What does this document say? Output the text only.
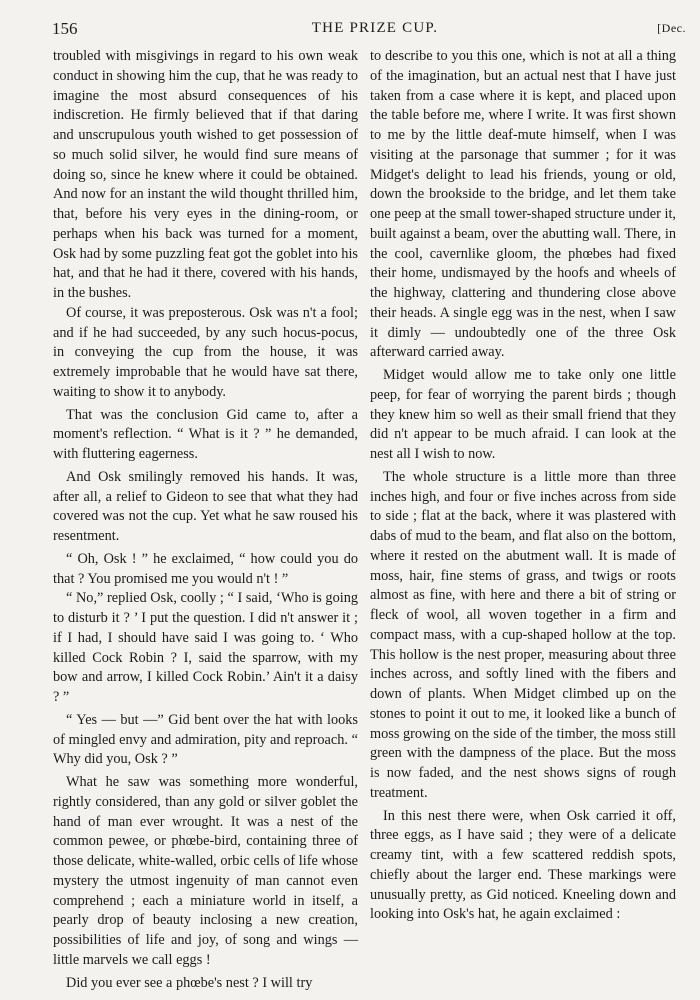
156	THE PRIZE CUP.	[Dec.

troubled with misgivings in regard to his own weak conduct in showing him the cup, that he was ready to imagine the most absurd consequences of his indiscretion. He firmly believed that if that daring and unscrupulous youth wished to get possession of so much solid silver, he would find sure means of doing so, since he knew where it could be obtained. And now for an instant the wild thought thrilled him, that, before his very eyes in the dining-room, or perhaps when his back was turned for a moment, Osk had by some puzzling feat got the goblet into his hat, and that he had it there, covered with his hands, in the bushes.

Of course, it was preposterous. Osk was n't a fool; and if he had succeeded, by any such hocus-pocus, in conveying the cup from the house, it was extremely improbable that he would have sat there, waiting to show it to anybody.

That was the conclusion Gid came to, after a moment's reflection. “ What is it ? ” he demanded, with fluttering eagerness.

And Osk smilingly removed his hands. It was, after all, a relief to Gideon to see that what they had covered was not the cup. Yet what he saw roused his resentment.

“ Oh, Osk ! ” he exclaimed, “ how could you do that ? You promised me you would n't ! ”

“ No,” replied Osk, coolly ; “ I said, ‘Who is going to disturb it ? ’ I put the question. I did n't answer it ; if I had, I should have said I was going to. ‘ Who killed Cock Robin ? I, said the sparrow, with my bow and arrow, I killed Cock Robin.’ Ain't it a daisy ? ”

“ Yes — but —” Gid bent over the hat with looks of mingled envy and admiration, pity and reproach. “ Why did you, Osk ? ”

What he saw was something more wonderful, rightly considered, than any gold or silver goblet the hand of man ever wrought. It was a nest of the common pewee, or phœbe-bird, containing three of those delicate, white-walled, orbic cells of life whose mystery the utmost ingenuity of man cannot even comprehend ; each a miniature world in itself, a pearly drop of beauty inclosing a new creation, possibilities of life and joy, of song and wings — little marvels we call eggs !

Did you ever see a phœbe's nest ? I will try

to describe to you this one, which is not at all a thing of the imagination, but an actual nest that I have just taken from a case where it is kept, and placed upon the table before me, where I write. It was first shown to me by the little deaf-mute himself, when I was visiting at the parsonage that summer ; for it was Midget's delight to lead his friends, young or old, down the brookside to the bridge, and let them take one peep at the small tower-shaped structure under it, built against a beam, over the abutting wall. There, in the cool, cavernlike gloom, the phœbes had fixed their home, undismayed by the hoofs and wheels of the highway, clattering and thundering close above their heads. A single egg was in the nest, when I saw it dimly — undoubtedly one of the three Osk afterward carried away.

Midget would allow me to take only one little peep, for fear of worrying the parent birds ; though they knew him so well as their small friend that they did n't appear to be much afraid. I can look at the nest all I wish to now.

The whole structure is a little more than three inches high, and four or five inches across from side to side ; flat at the back, where it was plastered with dabs of mud to the beam, and flat also on the bottom, where it rested on the abutment wall. It is made of moss, hair, fine stems of grass, and twigs or roots almost as fine, with here and there a bit of string or fleck of wool, all woven together in a firm and compact mass, with a cup-shaped hollow at the top. This hollow is the nest proper, measuring about three inches across, and softly lined with the fibers and down of plants. When Midget climbed up on the stones to point it out to me, it looked like a bunch of moss growing on the side of the timber, the moss still green with the dampness of the place. But the moss is now faded, and the nest shows signs of rough treatment.

In this nest there were, when Osk carried it off, three eggs, as I have said ; they were of a delicate creamy tint, with a few scattered reddish spots, chiefly about the larger end. These markings were unusually pretty, as Gid noticed. Kneeling down and looking into Osk's hat, he again exclaimed :
